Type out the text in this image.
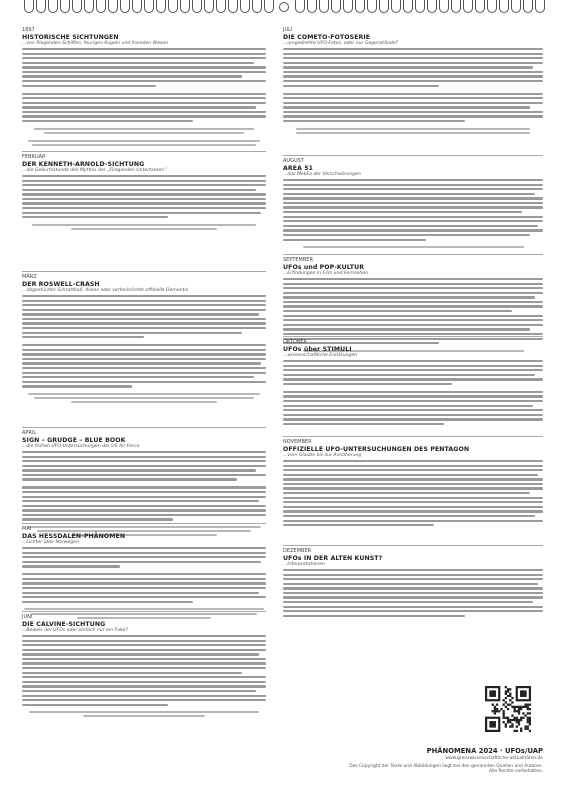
1897
HISTORISCHE SICHTUNGEN
...von fliegenden Schiffen, feurigen Kugeln und fremden Wesen
FEBRUAR
DER KENNETH-ARNOLD-SICHTUNG
...die Geburtsstunde des Mythos der „Fliegenden Untertassen“
MÄRZ
DER ROSWELL-CRASH
...abgestürzter Schrottball, Aliens oder verheimlichte offizielle Dementis
APRIL
SIGN – GRUDGE – BLUE BOOK
...die frühen UFO-Untersuchungen der US Air Force
MAI
DAS HESSDALEN-PHÄNOMEN
...Lichter über Norwegen
JUNI
DIE CALVINE-SICHTUNG
...Beweis der UFOs oder einfach nur ein Fake?
JULI
DIE COMETO-FOTOSERIE
...umgedrehte UFO-Fotos, oder nur Gegenstände?
AUGUST
AREA 51
...das Mekka der Verschwörungen
SEPTEMBER
UFOs und POP-KULTUR
...Erfindungen in Film und Fernsehen
OKTOBER
UFOs über STIMULI
...wissenschaftliche Erklärungen
NOVEMBER
OFFIZIELLE UFO-UNTERSUCHUNGEN DES PENTAGON
...vom Glaube bis zur Annäherung
DEZEMBER
UFOs IN DER ALTEN KUNST?
...Interpretationen
PHÄNOMENA 2024 · UFOs/UAP
www.grenzwissenschaftliche-aktualitäten.de
Das Copyright der Texte und Abbildungen liegt bei den genannten Quellen und Autoren.
Alle Rechte vorbehalten.
